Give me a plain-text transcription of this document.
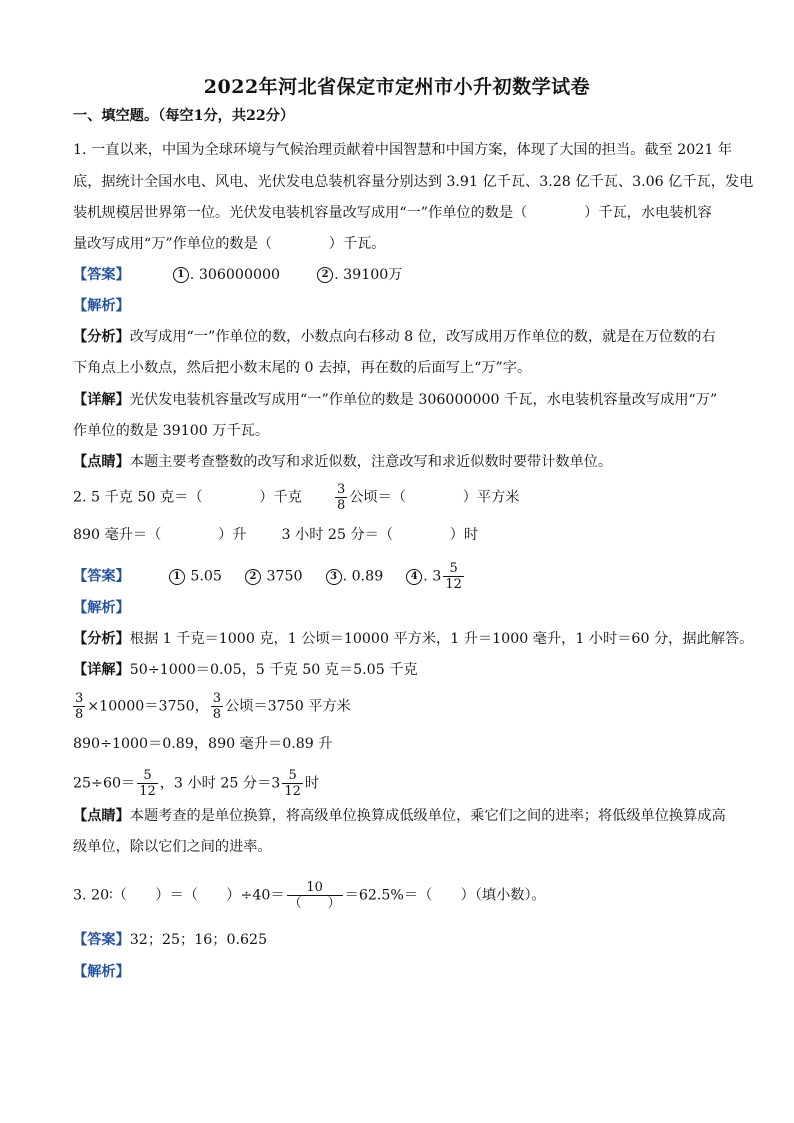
2022年河北省保定市定州市小升初数学试卷
一、填空题。（每空1分，共22分）
1. 一直以来，中国为全球环境与气候治理贡献着中国智慧和中国方案，体现了大国的担当。截至 2021 年
底，据统计全国水电、风电、光伏发电总装机容量分别达到 3.91 亿千瓦、3.28 亿千瓦、3.06 亿千瓦，发电
装机规模居世界第一位。光伏发电装机容量改写成用“一”作单位的数是（　　　　）千瓦，水电装机容
量改写成用“万”作单位的数是（　　　　）千瓦。
【答案】	1 . 306000000	2 . 39100万
【解析】
【分析】改写成用“一”作单位的数，小数点向右移动 8 位，改写成用万作单位的数，就是在万位数的右
下角点上小数点，然后把小数末尾的 0 去掉，再在数的后面写上“万”字。
【详解】光伏发电装机容量改写成用“一”作单位的数是 306000000 千瓦，水电装机容量改写成用“万”
作单位的数是 39100 万千瓦。
【点睛】本题主要考查整数的改写和求近似数，注意改写和求近似数时要带计数单位。
2. 5 千克 50 克＝（　　　　）千克	$\frac{3}{8}$ 公顷＝（　　　　）平方米
890 毫升＝（　　　　）升 3 小时 25 分＝（　　　　）时
【答案】	1 5.05	2 3750	3 . 0.89	4 . $3 \frac{5}{12}$
【解析】
【分析】根据 1 千克＝1000 克，1 公顷＝10000 平方米，1 升＝1000 毫升，1 小时＝60 分，据此解答。
【详解】50÷1000＝0.05，5 千克 50 克＝5.05 千克
$\frac{3}{8} \times 10000=3750$， $\frac{3}{8}$ 公顷＝3750 平方米
890÷1000＝0.89，890 毫升＝0.89 升
$25\div 60= \frac{5}{12}$ ，3 小时 25 分$=3 \frac{5}{12}$ 时
【点睛】本题考查的是单位换算，将高级单位换算成低级单位，乘它们之间的进率；将低级单位换算成高
级单位，除以它们之间的进率。
3. 20∶（　　）＝（　　）$\div 40= \frac{10}{( )} =62.5\%=$（　　）（填小数）。
【答案】32；25；16；0.625
【解析】
